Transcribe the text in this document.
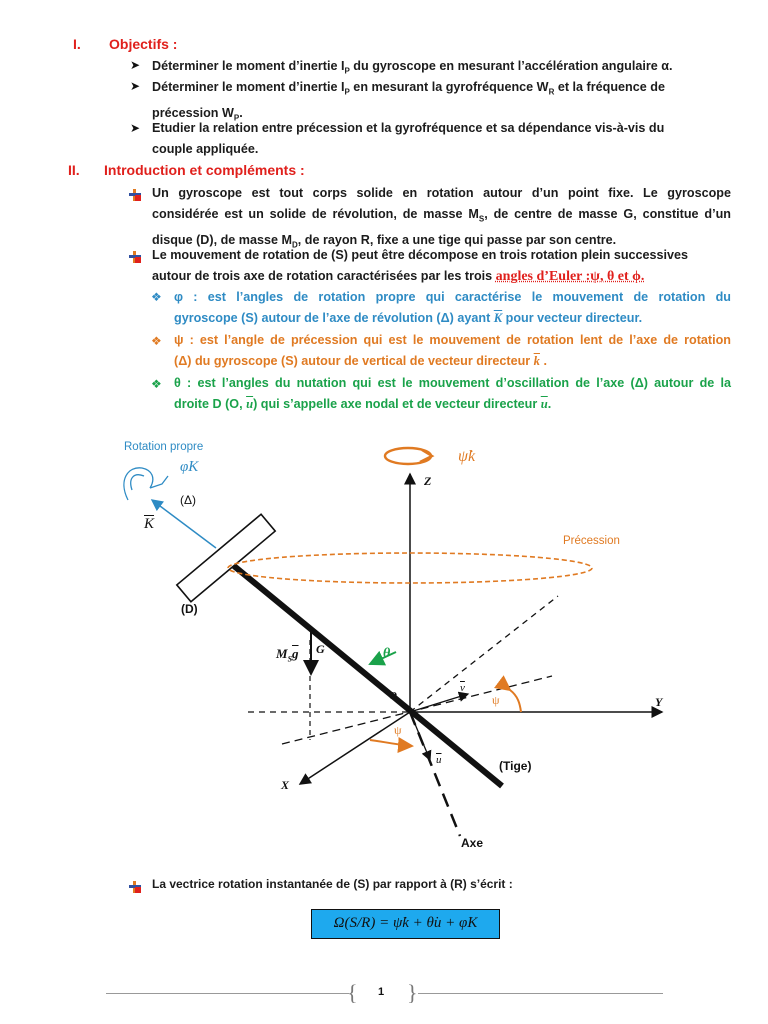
I. Objectifs :
➤ Déterminer le moment d’inertie $I_P$ du gyroscope en mesurant l’accélération angulaire α.
➤ Déterminer le moment d’inertie $I_P$ en mesurant la gyrofréquence $W_R$ et la fréquence de
précession $W_P$.
➤ Etudier la relation entre précession et la gyrofréquence et sa dépendance vis-à-vis du
couple appliquée.
II. Introduction et compléments :
Un gyroscope est tout corps solide en rotation autour d’un point fixe. Le gyroscope
considérée est un solide de révolution, de masse $M_S$, de centre de masse G, constitue d’un
disque (D), de masse $M_D$, de rayon R, fixe a une tige qui passe par son centre.
Le mouvement de rotation de (S) peut être décompose en trois rotation plein successives
autour de trois axe de rotation caractérisées par les trois angles d’Euler :ψ, θ et ϕ.
❖ φ : est l’angles de rotation propre qui caractérise le mouvement de rotation du
gyroscope (S) autour de l’axe de révolution (Δ) ayant $\overline{K}$ pour vecteur directeur.
❖ ψ : est l’angle de précession qui est le mouvement de rotation lent de l’axe de rotation
(Δ) du gyroscope (S) autour de vertical de vecteur directeur $\overline{k}$ .
❖ θ : est l’angles du nutation qui est le mouvement d’oscillation de l’axe (Δ) autour de la
droite D (O, $\overline{u}$) qui s’appelle axe nodal et de vecteur directeur $\overline{u}$.
Rotation propre
φ̇K
(Δ)
$\overline{K}$
ψ̇k
Z
Précession
(D)
$M_S\overline{g}$ G	θ
O
$\overline{v}$
ψ	Y
ψ
$\overline{u}$	(Tige)
X
Axe
La vectrice rotation instantanée de (S) par rapport à (R) s’écrit :
Ω(S/R) = ψ̇k + θ̇u + φ̇K
{ }
1
